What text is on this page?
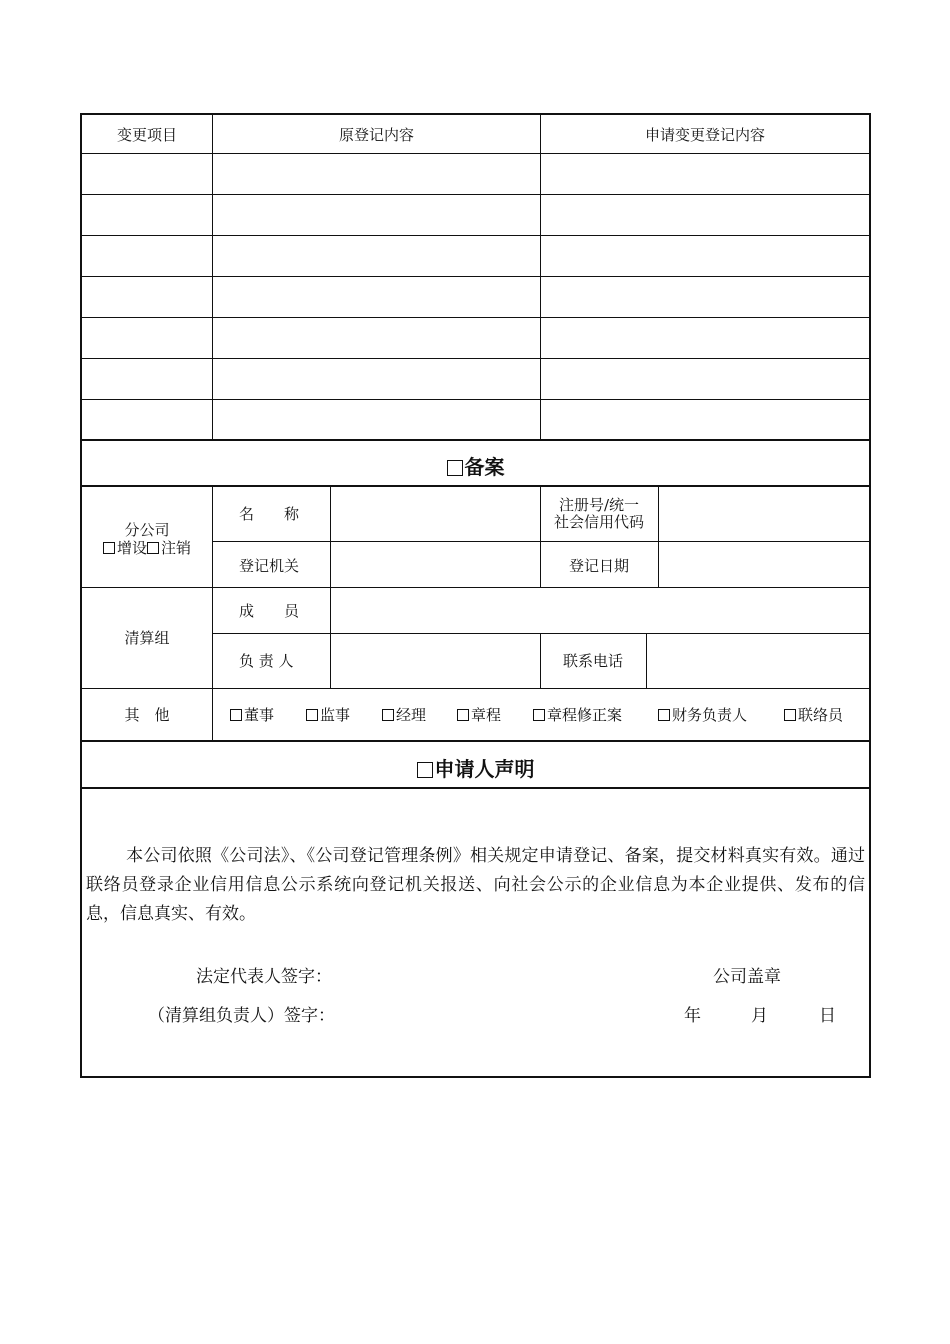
变更项目	原登记内容	申请变更登记内容
备案
分公司
增设 注销
名　　称	注册号/统一
社会信用代码
登记机关	登记日期
清算组
成　　员
负 责 人	联系电话
其　他	董事	监事	经理	章程	章程修正案	财务负责人	联络员
申请人声明
本公司依照《公司法》、《公司登记管理条例》相关规定申请登记、备案，提交材料真实有效。通过联络员登录企业信用信息公示系统向登记机关报送、向社会公示的企业信息为本企业提供、发布的信息，信息真实、有效。
法定代表人签字：	公司盖章
（清算组负责人）签字：	年	月	日
